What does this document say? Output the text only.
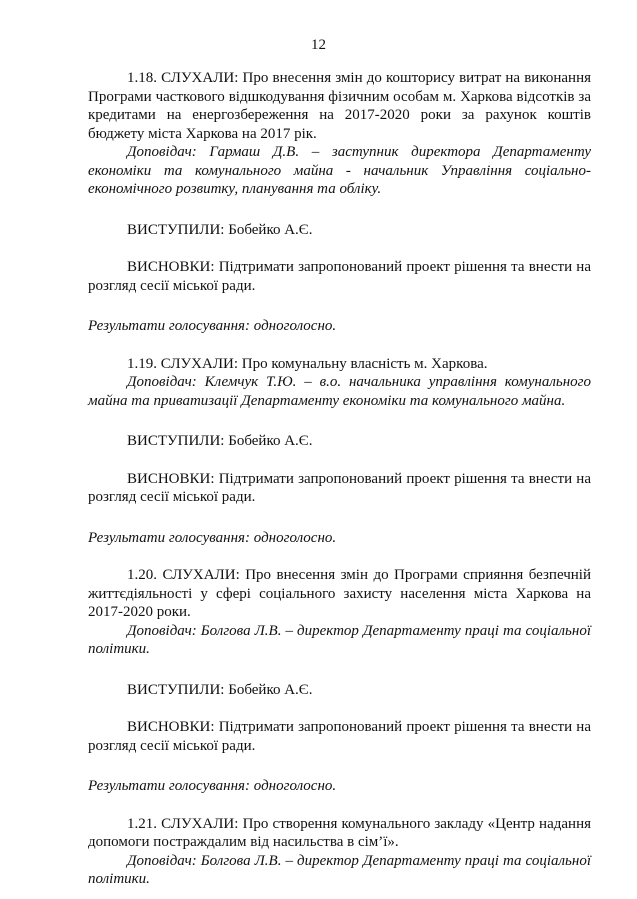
12

1.18. СЛУХАЛИ: Про внесення змін до кошторису витрат на виконання Програми часткового відшкодування фізичним особам м. Харкова відсотків за кредитами на енергозбереження на 2017-2020 роки за рахунок коштів бюджету міста Харкова на 2017 рік.

Доповідач: Гармаш Д.В. – заступник директора Департаменту економіки та комунального майна - начальник Управління соціально-економічного розвитку, планування та обліку.

ВИСТУПИЛИ: Бобейко А.Є.

ВИСНОВКИ: Підтримати запропонований проект рішення та внести на розгляд сесії міської ради.

Результати голосування: одноголосно.

1.19. СЛУХАЛИ: Про комунальну власність м. Харкова.

Доповідач: Клемчук Т.Ю. – в.о. начальника управління комунального майна та приватизації Департаменту економіки та комунального майна.

ВИСТУПИЛИ: Бобейко А.Є.

ВИСНОВКИ: Підтримати запропонований проект рішення та внести на розгляд сесії міської ради.

Результати голосування: одноголосно.

1.20. СЛУХАЛИ: Про внесення змін до Програми сприяння безпечній життєдіяльності у сфері соціального захисту населення міста Харкова на 2017-2020 роки.

Доповідач: Болгова Л.В. – директор Департаменту праці та соціальної політики.

ВИСТУПИЛИ: Бобейко А.Є.

ВИСНОВКИ: Підтримати запропонований проект рішення та внести на розгляд сесії міської ради.

Результати голосування: одноголосно.

1.21. СЛУХАЛИ: Про створення комунального закладу «Центр надання допомоги постраждалим від насильства в сім’ї».

Доповідач: Болгова Л.В. – директор Департаменту праці та соціальної політики.
